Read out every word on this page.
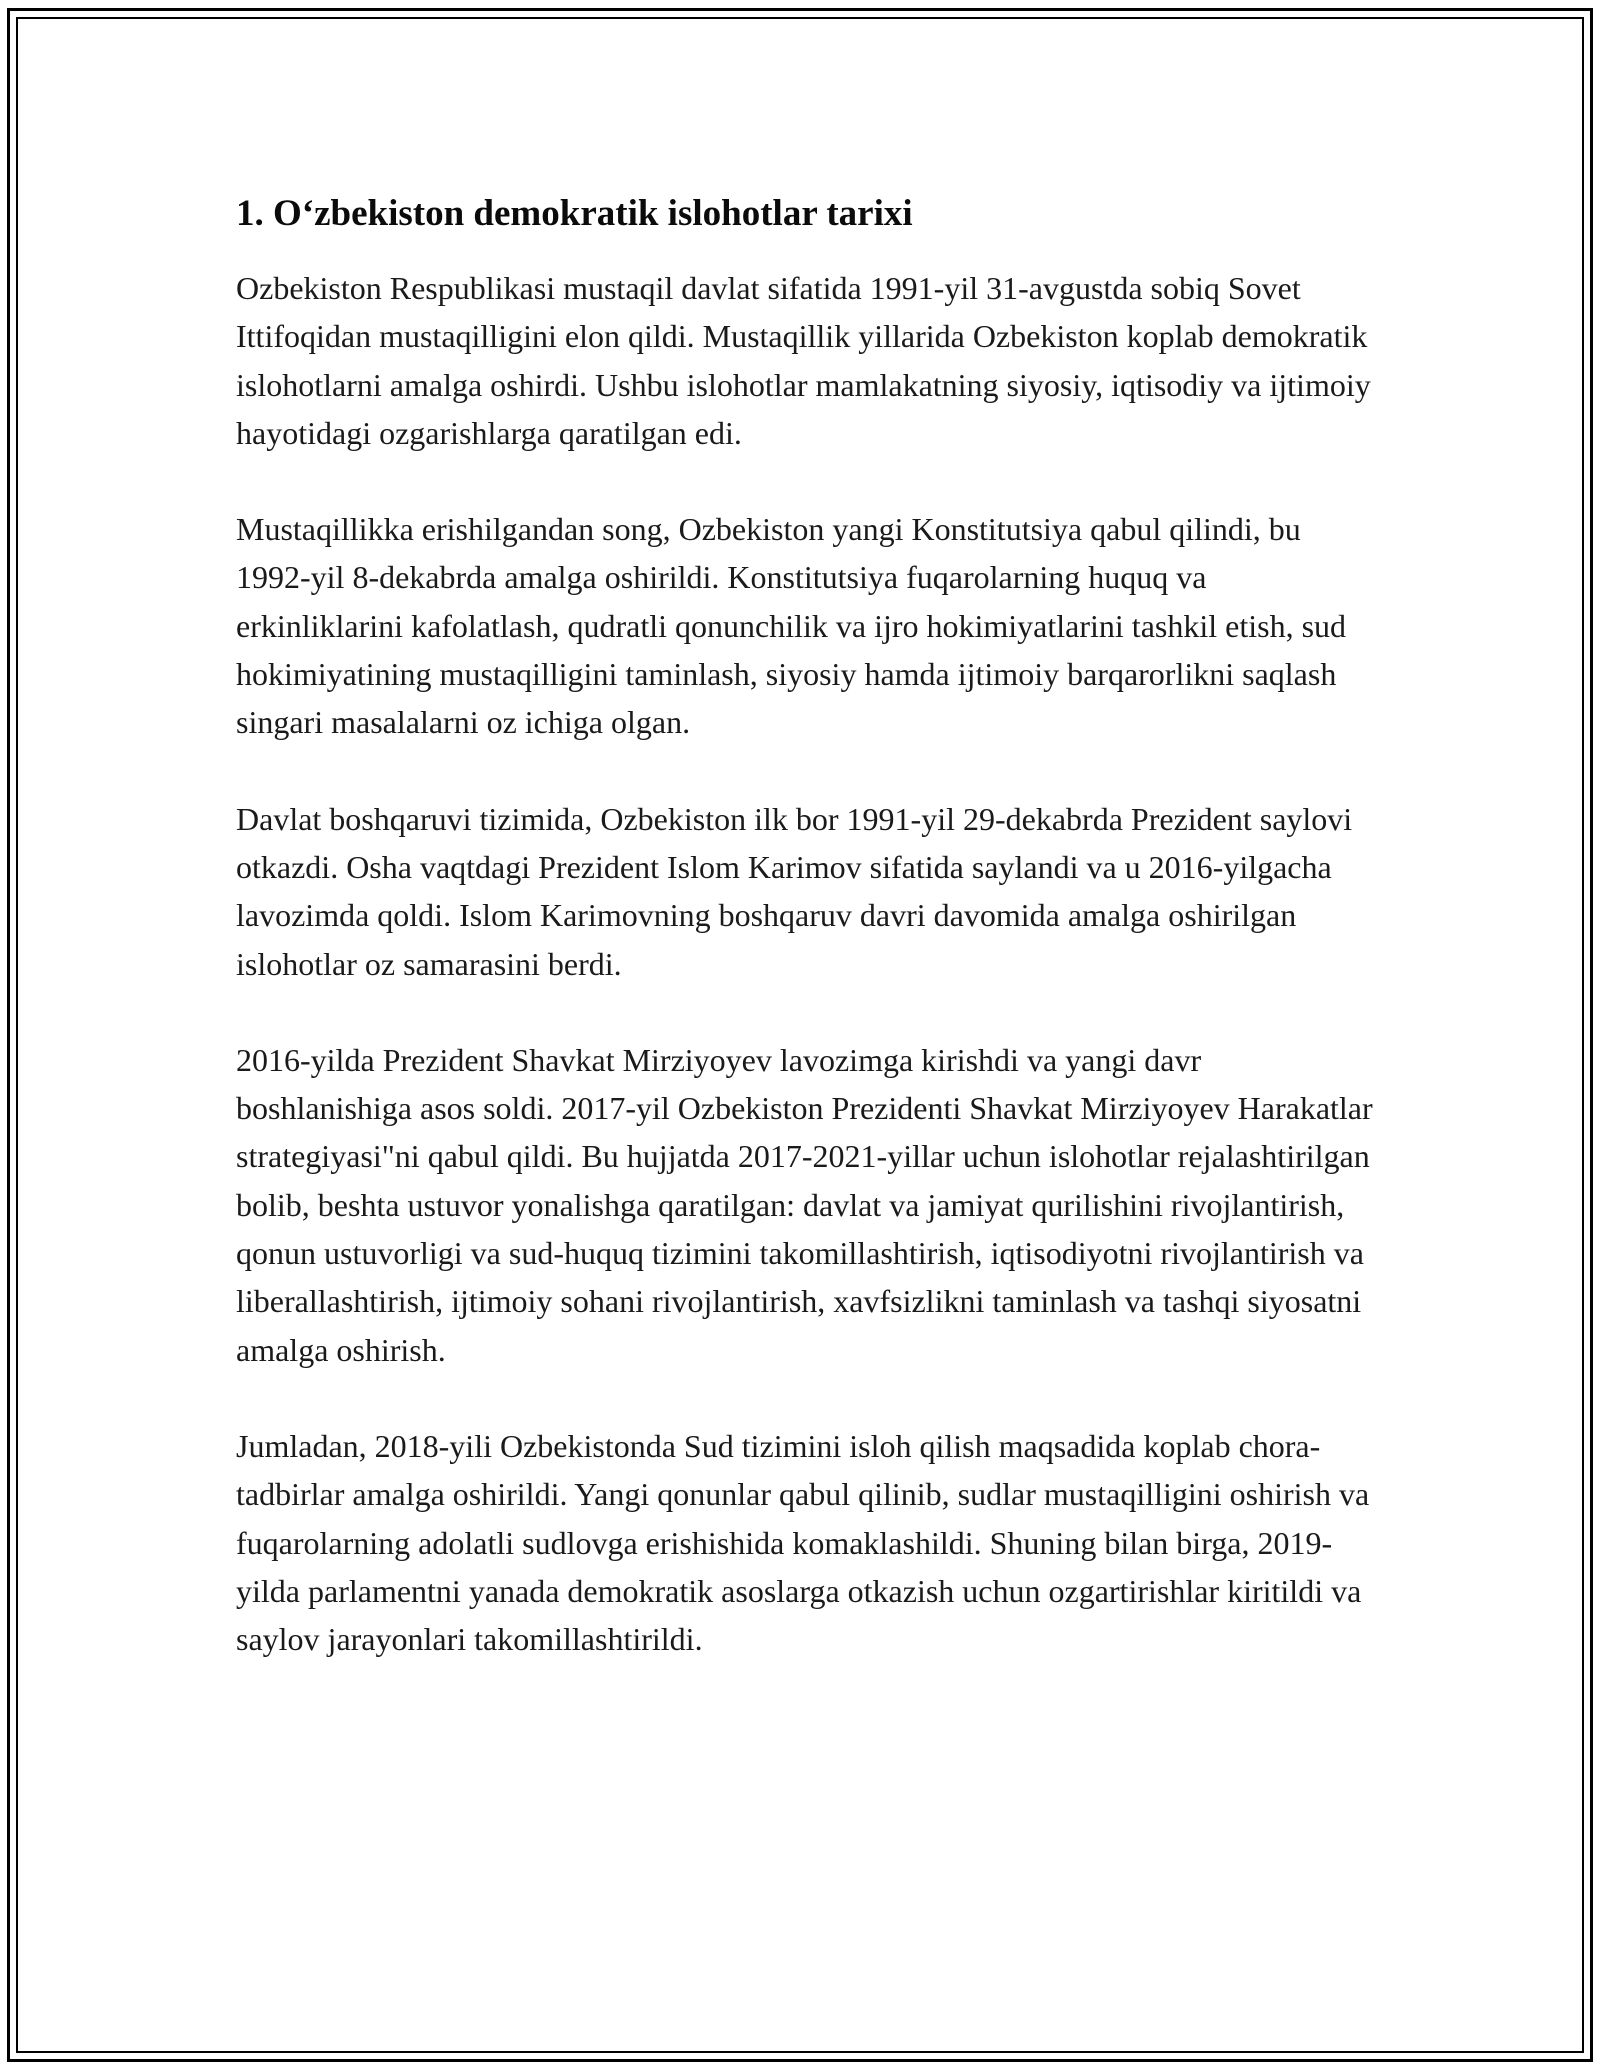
1. O‘zbekiston demokratik islohotlar tarixi

Ozbekiston Respublikasi mustaqil davlat sifatida 1991-yil 31-avgustda sobiq Sovet Ittifoqidan mustaqilligini elon qildi. Mustaqillik yillarida Ozbekiston koplab demokratik islohotlarni amalga oshirdi. Ushbu islohotlar mamlakatning siyosiy, iqtisodiy va ijtimoiy hayotidagi ozgarishlarga qaratilgan edi.

Mustaqillikka erishilgandan song, Ozbekiston yangi Konstitutsiya qabul qilindi, bu 1992-yil 8-dekabrda amalga oshirildi. Konstitutsiya fuqarolarning huquq va erkinliklarini kafolatlash, qudratli qonunchilik va ijro hokimiyatlarini tashkil etish, sud hokimiyatining mustaqilligini taminlash, siyosiy hamda ijtimoiy barqarorlikni saqlash singari masalalarni oz ichiga olgan.

Davlat boshqaruvi tizimida, Ozbekiston ilk bor 1991-yil 29-dekabrda Prezident saylovi otkazdi. Osha vaqtdagi Prezident Islom Karimov sifatida saylandi va u 2016-yilgacha lavozimda qoldi. Islom Karimovning boshqaruv davri davomida amalga oshirilgan islohotlar oz samarasini berdi.

2016-yilda Prezident Shavkat Mirziyoyev lavozimga kirishdi va yangi davr boshlanishiga asos soldi. 2017-yil Ozbekiston Prezidenti Shavkat Mirziyoyev Harakatlar strategiyasi"ni qabul qildi. Bu hujjatda 2017-2021-yillar uchun islohotlar rejalashtirilgan bolib, beshta ustuvor yonalishga qaratilgan: davlat va jamiyat qurilishini rivojlantirish, qonun ustuvorligi va sud-huquq tizimini takomillashtirish, iqtisodiyotni rivojlantirish va liberallashtirish, ijtimoiy sohani rivojlantirish, xavfsizlikni taminlash va tashqi siyosatni amalga oshirish.

Jumladan, 2018-yili Ozbekistonda Sud tizimini isloh qilish maqsadida koplab chora-tadbirlar amalga oshirildi. Yangi qonunlar qabul qilinib, sudlar mustaqilligini oshirish va fuqarolarning adolatli sudlovga erishishida komaklashildi. Shuning bilan birga, 2019-yilda parlamentni yanada demokratik asoslarga otkazish uchun ozgartirishlar kiritildi va saylov jarayonlari takomillashtirildi.
